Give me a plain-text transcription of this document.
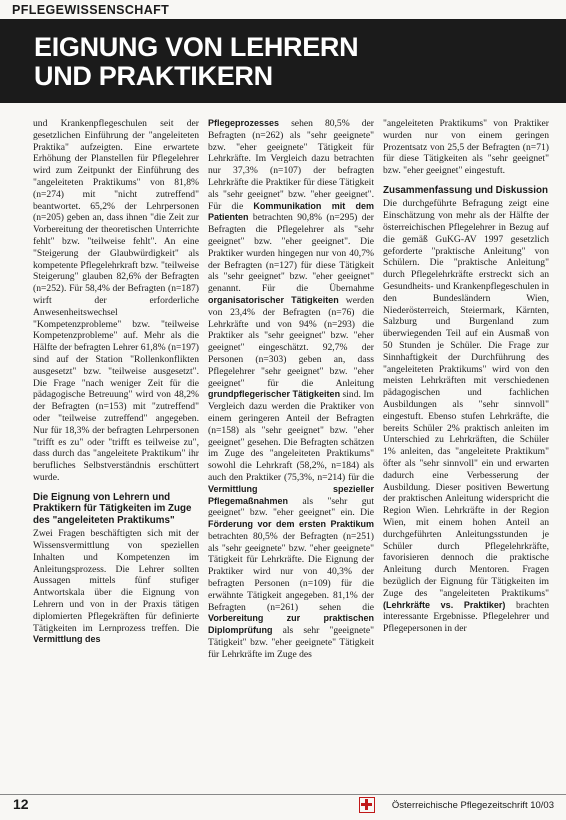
PFLEGEWISSENSCHAFT
EIGNUNG VON LEHRERN
UND PRAKTIKERN

und Krankenpflegeschulen seit der gesetzlichen Einführung der "angeleiteten Praktika" aufzeigten. Eine erwartete Erhöhung der Planstellen für Pflegelehrer wird zum Zeitpunkt der Einführung des "angeleiteten Praktikums" von 81,8% (n=274) mit "nicht zutreffend" beantwortet. 65,2% der Lehrpersonen (n=205) geben an, dass ihnen "die Zeit zur Vorbereitung der theoretischen Unterrichte fehlt" bzw. "teilweise fehlt". An eine "Steigerung der Glaubwürdigkeit" als kompetente Pflegelehrkraft bzw. "teilweise Steigerung" glauben 82,6% der Befragten (n=252). Für 58,4% der Befragten (n=187) wirft der erforderliche Anwesenheitswechsel "Kompetenzprobleme" bzw. "teilweise Kompetenzprobleme" auf. Mehr als die Hälfte der befragten Lehrer 61,8% (n=197) sind auf der Station "Rollenkonflikten ausgesetzt" bzw. "teilweise ausgesetzt". Die Frage "nach weniger Zeit für die pädagogische Betreuung" wird von 48,2% der Befragten (n=153) mit "zutreffend" oder "teilweise zutreffend" angegeben. Nur für 18,3% der befragten Lehrpersonen "trifft es zu" oder "trifft es teilweise zu", dass durch das "angeleitete Praktikum" ihr berufliches Selbstverständnis erschüttert wurde.

Die Eignung von Lehrern und Praktikern für Tätigkeiten im Zuge des "angeleiteten Praktikums"

Zwei Fragen beschäftigten sich mit der Wissensvermittlung von speziellen Inhalten und Kompetenzen im Anleitungsprozess. Die Lehrer sollten Aussagen mittels fünf stufiger Antwortskala über die Eignung von Lehrern und von in der Praxis tätigen diplomierten Pflegekräften für definierte Tätigkeiten im Lernprozess treffen. Die Vermittlung des

Pflegeprozesses sehen 80,5% der Befragten (n=262) als "sehr geeignete" bzw. "eher geeignete" Tätigkeit für Lehrkräfte. Im Vergleich dazu betrachten nur 37,3% (n=107) der befragten Lehrkräfte die Praktiker für diese Tätigkeit als "sehr geeignet" bzw. "eher geeignet". Für die Kommunikation mit dem Patienten betrachten 90,8% (n=295) der Befragten die Pflegelehrer als "sehr geeignet" bzw. "eher geeignet". Die Praktiker wurden hingegen nur von 40,7% der Befragten (n=127) für diese Tätigkeit als "sehr geeignet" bzw. "eher geeignet" genannt. Für die Übernahme organisatorischer Tätigkeiten werden von 23,4% der Befragten (n=76) die Lehrkräfte und von 94% (n=293) die Praktiker als "sehr geeignet" bzw. "eher geeignet" eingeschätzt. 92,7% der Personen (n=303) geben an, dass Pflegelehrer "sehr geeignet" bzw. "eher geeignet" für die Anleitung grundpflegerischer Tätigkeiten sind. Im Vergleich dazu werden die Praktiker von einem geringeren Anteil der Befragten (n=158) als "sehr geeignet" bzw. "eher geeignet" gesehen. Die Befragten schätzen im Zuge des "angeleiteten Praktikums" sowohl die Lehrkraft (58,2%, n=184) als auch den Praktiker (75,3%, n=214) für die Vermittlung spezieller Pflegemaßnahmen als "sehr gut geeignet" bzw. "eher geeignet" ein. Die Förderung vor dem ersten Praktikum betrachten 80,5% der Befragten (n=251) als "sehr geeignete" bzw. "eher geeignete" Tätigkeit für Lehrkräfte. Die Eignung der Praktiker wird nur von 40,3% der befragten Personen (n=109) für die erwähnte Tätigkeit angegeben. 81,1% der Befragten (n=261) sehen die Vorbereitung zur praktischen Diplomprüfung als sehr "geeignete" Tätigkeit" bzw. "eher geeignete" Tätigkeit für Lehrkräfte im Zuge des

"angeleiteten Praktikums" von Praktiker wurden nur von einem geringen Prozentsatz von 25,5 der Befragten (n=71) für diese Tätigkeiten als "sehr geeignet" bzw. "eher geeignet" eingestuft.

Zusammenfassung und Diskussion

Die durchgeführte Befragung zeigt eine Einschätzung von mehr als der Hälfte der österreichischen Pflegelehrer in Bezug auf die gemäß GuKG-AV 1997 gesetzlich geforderte "praktische Anleitung" von Schülern. Die "praktische Anleitung" durch Pflegelehrkräfte erstreckt sich an Gesundheits- und Krankenpflegeschulen in den Bundesländern Wien, Niederösterreich, Steiermark, Kärnten, Salzburg und Burgenland zum überwiegenden Teil auf ein Ausmaß von 50 Stunden je Schüler. Die Frage zur Sinnhaftigkeit der Durchführung des "angeleiteten Praktikums" wird von den meisten Lehrkräften mit verschiedenen pädagogischen und fachlichen Ausbildungen als "sehr sinnvoll" eingestuft. Ebenso stufen Lehrkräfte, die bereits Schüler 2% praktisch anleiten im Unterschied zu Lehrkräften, die Schüler 1% anleiten, das "angeleitete Praktikum" öfter als "sehr sinnvoll" ein und erwarten dadurch eine Verbesserung der Ausbildung. Dieser positiven Bewertung der praktischen Anleitung widerspricht die Region Wien. Lehrkräfte in der Region Wien, mit einem hohen Anteil an durchgeführten Anleitungsstunden je Schüler durch Pflegelehrkräfte, favorisieren dennoch die praktische Anleitung durch Mentoren. Fragen bezüglich der Eignung für Tätigkeiten im Zuge des "angeleiteten Praktikums" (Lehrkräfte vs. Praktiker) brachten interessante Ergebnisse. Pflegelehrer und Pflegepersonen in der

12	Österreichische Pflegezeitschrift 10/03
